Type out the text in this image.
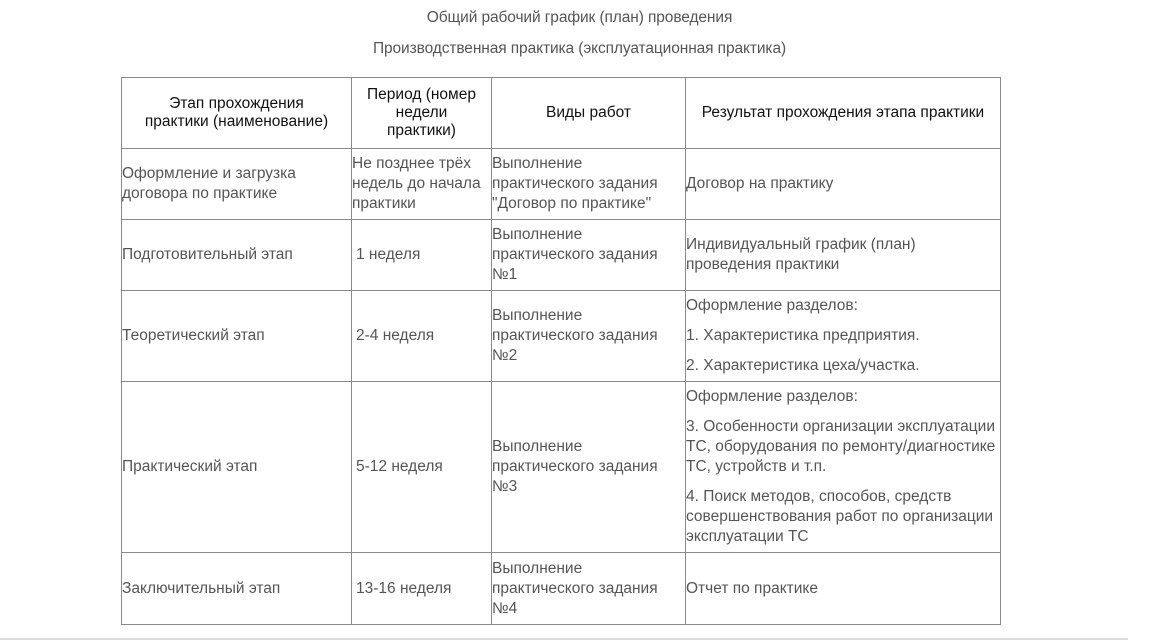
Общий рабочий график (план) проведения
Производственная практика (эксплуатационная практика)
Этап прохождения практики (наименование)	Период (номер недели практики)	Виды работ	Результат прохождения этапа практики
Оформление и загрузка договора по практике	Не позднее трёх недель до начала практики	Выполнение практического задания "Договор по практике"	Договор на практику

Подготовительный этап	1 неделя	Выполнение практического задания №1	Индивидуальный график (план) проведения практики

Теоретический этап	2-4 неделя	Выполнение практического задания №2	Оформление разделов:
1. Характеристика предприятия.
2. Характеристика цеха/участка.

Практический этап	5-12 неделя	Выполнение практического задания №3	Оформление разделов:
3. Особенности организации эксплуатации ТС, оборудования по ремонту/диагностике ТС, устройств и т.п.
4. Поиск методов, способов, средств совершенствования работ по организации эксплуатации ТС

Заключительный этап	13-16 неделя	Выполнение практического задания №4	Отчет по практике
